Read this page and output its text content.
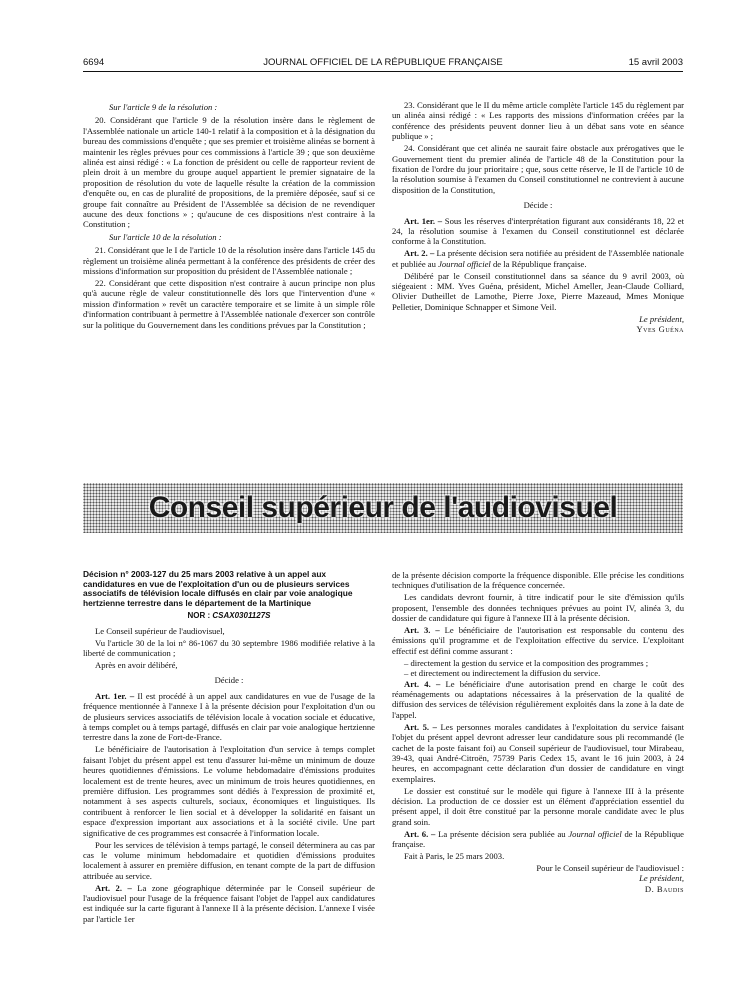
6694	JOURNAL OFFICIEL DE LA RÉPUBLIQUE FRANÇAISE	15 avril 2003

Sur l'article 9 de la résolution :

20. Considérant que l'article 9 de la résolution insère dans le règlement de l'Assemblée nationale un article 140-1 relatif à la composition et à la désignation du bureau des commissions d'enquête ; que ses premier et troisième alinéas se bornent à maintenir les règles prévues pour ces commissions à l'article 39 ; que son deuxième alinéa est ainsi rédigé : « La fonction de président ou celle de rapporteur revient de plein droit à un membre du groupe auquel appartient le premier signataire de la proposition de résolution du vote de laquelle résulte la création de la commission d'enquête ou, en cas de pluralité de propositions, de la première déposée, sauf si ce groupe fait connaître au Président de l'Assemblée sa décision de ne revendiquer aucune des deux fonctions » ; qu'aucune de ces dispositions n'est contraire à la Constitution ;

Sur l'article 10 de la résolution :

21. Considérant que le I de l'article 10 de la résolution insère dans l'article 145 du règlement un troisième alinéa permettant à la conférence des présidents de créer des missions d'information sur proposition du président de l'Assemblée nationale ;

22. Considérant que cette disposition n'est contraire à aucun principe non plus qu'à aucune règle de valeur constitutionnelle dès lors que l'intervention d'une « mission d'information » revêt un caractère temporaire et se limite à un simple rôle d'information contribuant à permettre à l'Assemblée nationale d'exercer son contrôle sur la politique du Gouvernement dans les conditions prévues par la Constitution ;

23. Considérant que le II du même article complète l'article 145 du règlement par un alinéa ainsi rédigé : « Les rapports des missions d'information créées par la conférence des présidents peuvent donner lieu à un débat sans vote en séance publique » ;

24. Considérant que cet alinéa ne saurait faire obstacle aux prérogatives que le Gouvernement tient du premier alinéa de l'article 48 de la Constitution pour la fixation de l'ordre du jour prioritaire ; que, sous cette réserve, le II de l'article 10 de la résolution soumise à l'examen du Conseil constitutionnel ne contrevient à aucune disposition de la Constitution,

Décide :

Art. 1er. – Sous les réserves d'interprétation figurant aux considérants 18, 22 et 24, la résolution soumise à l'examen du Conseil constitutionnel est déclarée conforme à la Constitution.

Art. 2. – La présente décision sera notifiée au président de l'Assemblée nationale et publiée au Journal officiel de la République française.

Délibéré par le Conseil constitutionnel dans sa séance du 9 avril 2003, où siégeaient : MM. Yves Guéna, président, Michel Ameller, Jean-Claude Colliard, Olivier Dutheillet de Lamothe, Pierre Joxe, Pierre Mazeaud, Mmes Monique Pelletier, Dominique Schnapper et Simone Veil.

Le président,

Yves Guéna

Conseil supérieur de l'audiovisuel

Décision n° 2003-127 du 25 mars 2003 relative à un appel aux candidatures en vue de l'exploitation d'un ou de plusieurs services associatifs de télévision locale diffusés en clair par voie analogique hertzienne terrestre dans le département de la Martinique

NOR : CSAX0301127S

Le Conseil supérieur de l'audiovisuel,

Vu l'article 30 de la loi n° 86-1067 du 30 septembre 1986 modifiée relative à la liberté de communication ;

Après en avoir délibéré,

Décide :

Art. 1er. – Il est procédé à un appel aux candidatures en vue de l'usage de la fréquence mentionnée à l'annexe I à la présente décision pour l'exploitation d'un ou de plusieurs services associatifs de télévision locale à vocation sociale et éducative, à temps complet ou à temps partagé, diffusés en clair par voie analogique hertzienne terrestre dans la zone de Fort-de-France.

Le bénéficiaire de l'autorisation à l'exploitation d'un service à temps complet faisant l'objet du présent appel est tenu d'assurer lui-même un minimum de douze heures quotidiennes d'émissions. Le volume hebdomadaire d'émissions produites localement est de trente heures, avec un minimum de trois heures quotidiennes, en première diffusion. Les programmes sont dédiés à l'expression de proximité et, notamment à ses aspects culturels, sociaux, économiques et linguistiques. Ils contribuent à renforcer le lien social et à développer la solidarité en faisant un espace d'expression important aux associations et à la société civile. Une part significative de ces programmes est consacrée à l'information locale.

Pour les services de télévision à temps partagé, le conseil déterminera au cas par cas le volume minimum hebdomadaire et quotidien d'émissions produites localement à assurer en première diffusion, en tenant compte de la part de diffusion attribuée au service.

Art. 2. – La zone géographique déterminée par le Conseil supérieur de l'audiovisuel pour l'usage de la fréquence faisant l'objet de l'appel aux candidatures est indiquée sur la carte figurant à l'annexe II à la présente décision. L'annexe I visée par l'article 1er

de la présente décision comporte la fréquence disponible. Elle précise les conditions techniques d'utilisation de la fréquence concernée.

Les candidats devront fournir, à titre indicatif pour le site d'émission qu'ils proposent, l'ensemble des données techniques prévues au point IV, alinéa 3, du dossier de candidature qui figure à l'annexe III à la présente décision.

Art. 3. – Le bénéficiaire de l'autorisation est responsable du contenu des émissions qu'il programme et de l'exploitation effective du service. L'exploitant effectif est défini comme assurant :

– directement la gestion du service et la composition des programmes ;

– et directement ou indirectement la diffusion du service.

Art. 4. – Le bénéficiaire d'une autorisation prend en charge le coût des réaménagements ou adaptations nécessaires à la préservation de la qualité de diffusion des services de télévision régulièrement exploités dans la zone à la date de l'appel.

Art. 5. – Les personnes morales candidates à l'exploitation du service faisant l'objet du présent appel devront adresser leur candidature sous pli recommandé (le cachet de la poste faisant foi) au Conseil supérieur de l'audiovisuel, tour Mirabeau, 39-43, quai André-Citroën, 75739 Paris Cedex 15, avant le 16 juin 2003, à 24 heures, en accompagnant cette déclaration d'un dossier de candidature en vingt exemplaires.

Le dossier est constitué sur le modèle qui figure à l'annexe III à la présente décision. La production de ce dossier est un élément d'appréciation essentiel du présent appel, il doit être constitué par la personne morale candidate avec le plus grand soin.

Art. 6. – La présente décision sera publiée au Journal officiel de la République française.

Fait à Paris, le 25 mars 2003.

Pour le Conseil supérieur de l'audiovisuel :

Le président,

D. Baudis
